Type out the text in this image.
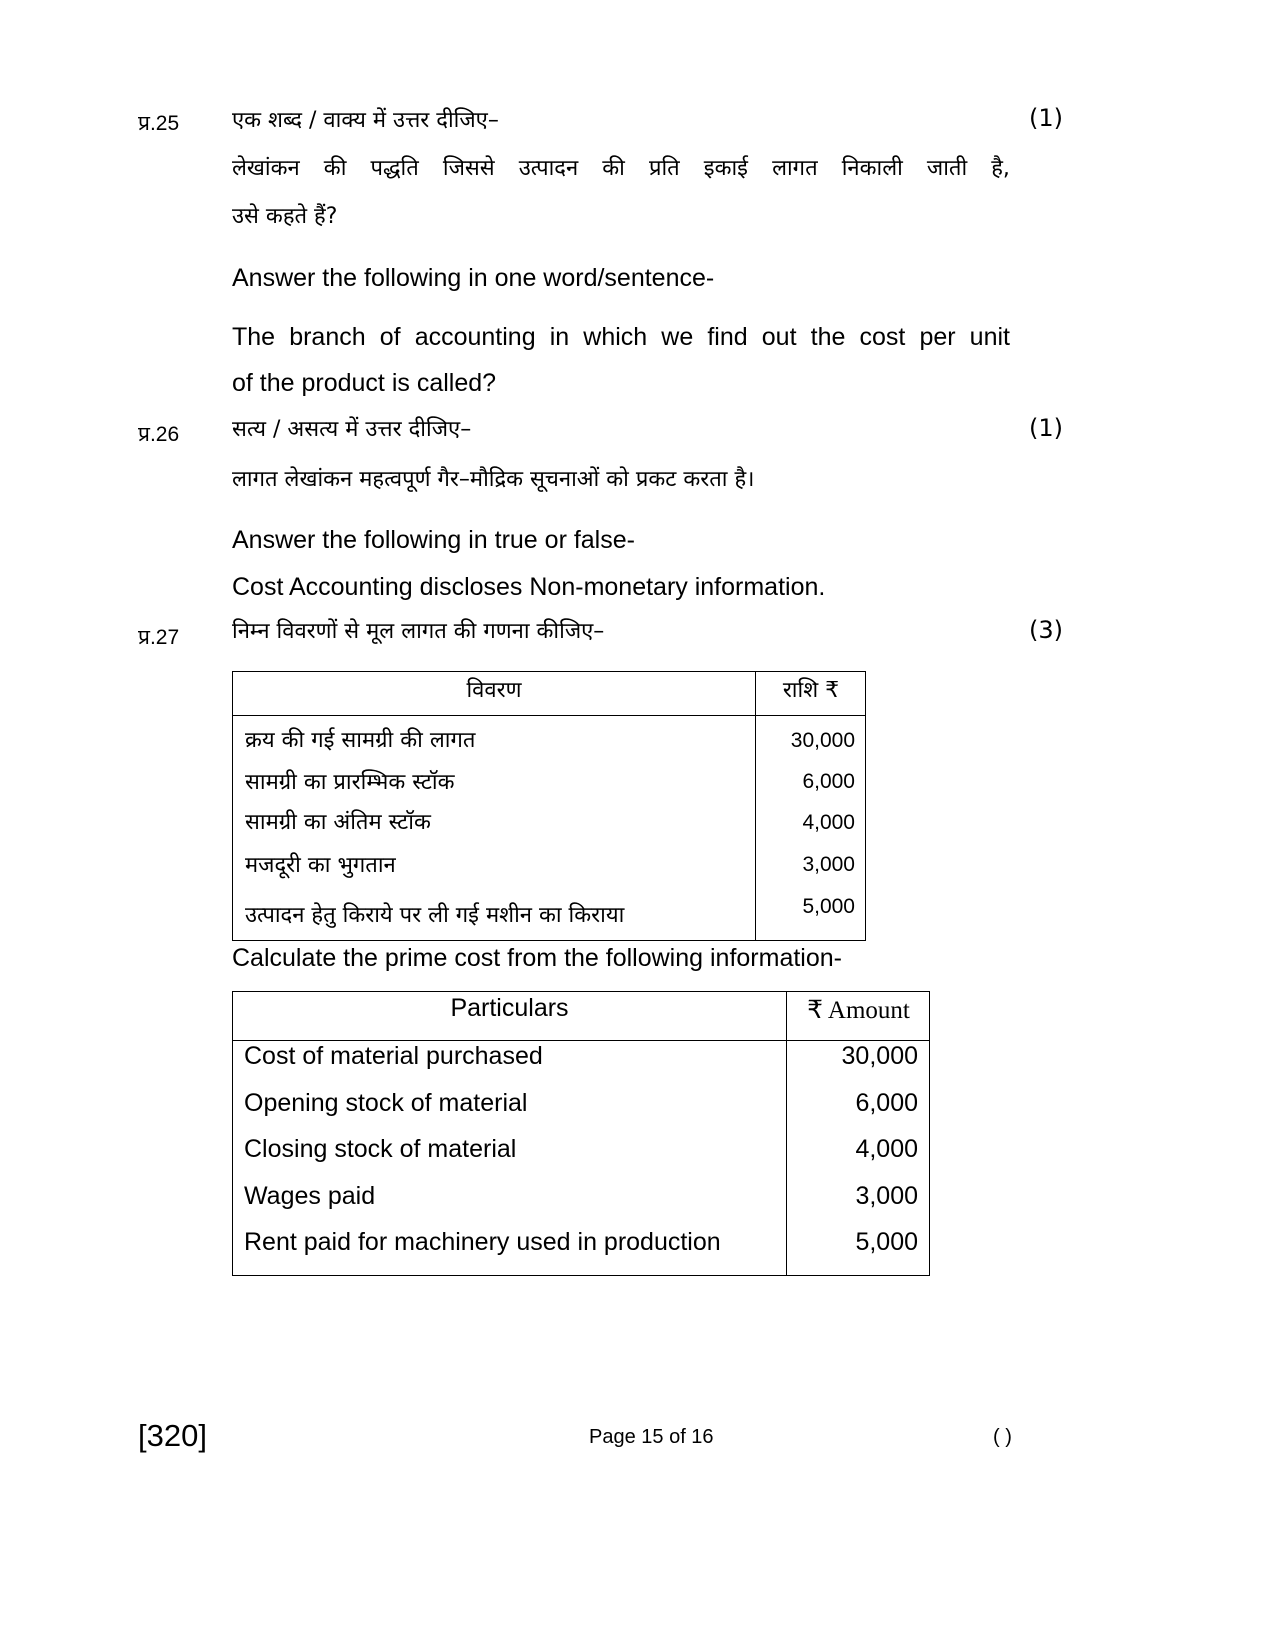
प्र.25 एक शब्द / वाक्य में उत्तर दीजिए–	(1)
लेखांकन की पद्धति जिससे उत्पादन की प्रति इकाई लागत निकाली जाती है,
उसे कहते हैं?
Answer the following in one word/sentence-
The branch of accounting in which we find out the cost per unit
of the product is called?
प्र.26 सत्य / असत्य में उत्तर दीजिए–	(1)
लागत लेखांकन महत्वपूर्ण गैर–मौद्रिक सूचनाओं को प्रकट करता है।
Answer the following in true or false-
Cost Accounting discloses Non-monetary information.
प्र.27 निम्न विवरणों से मूल लागत की गणना कीजिए–	(3)
विवरण	राशि ₹
क्रय की गई सामग्री की लागत	30,000
सामग्री का प्रारम्भिक स्टॉक	6,000
सामग्री का अंतिम स्टॉक	4,000
मजदूरी का भुगतान	3,000
उत्पादन हेतु किराये पर ली गई मशीन का किराया	5,000
Calculate the prime cost from the following information-
Particulars	₹ Amount
Cost of material purchased	30,000
Opening stock of material	6,000
Closing stock of material	4,000
Wages paid	3,000
Rent paid for machinery used in production	5,000
[320]	Page 15 of 16	( )
